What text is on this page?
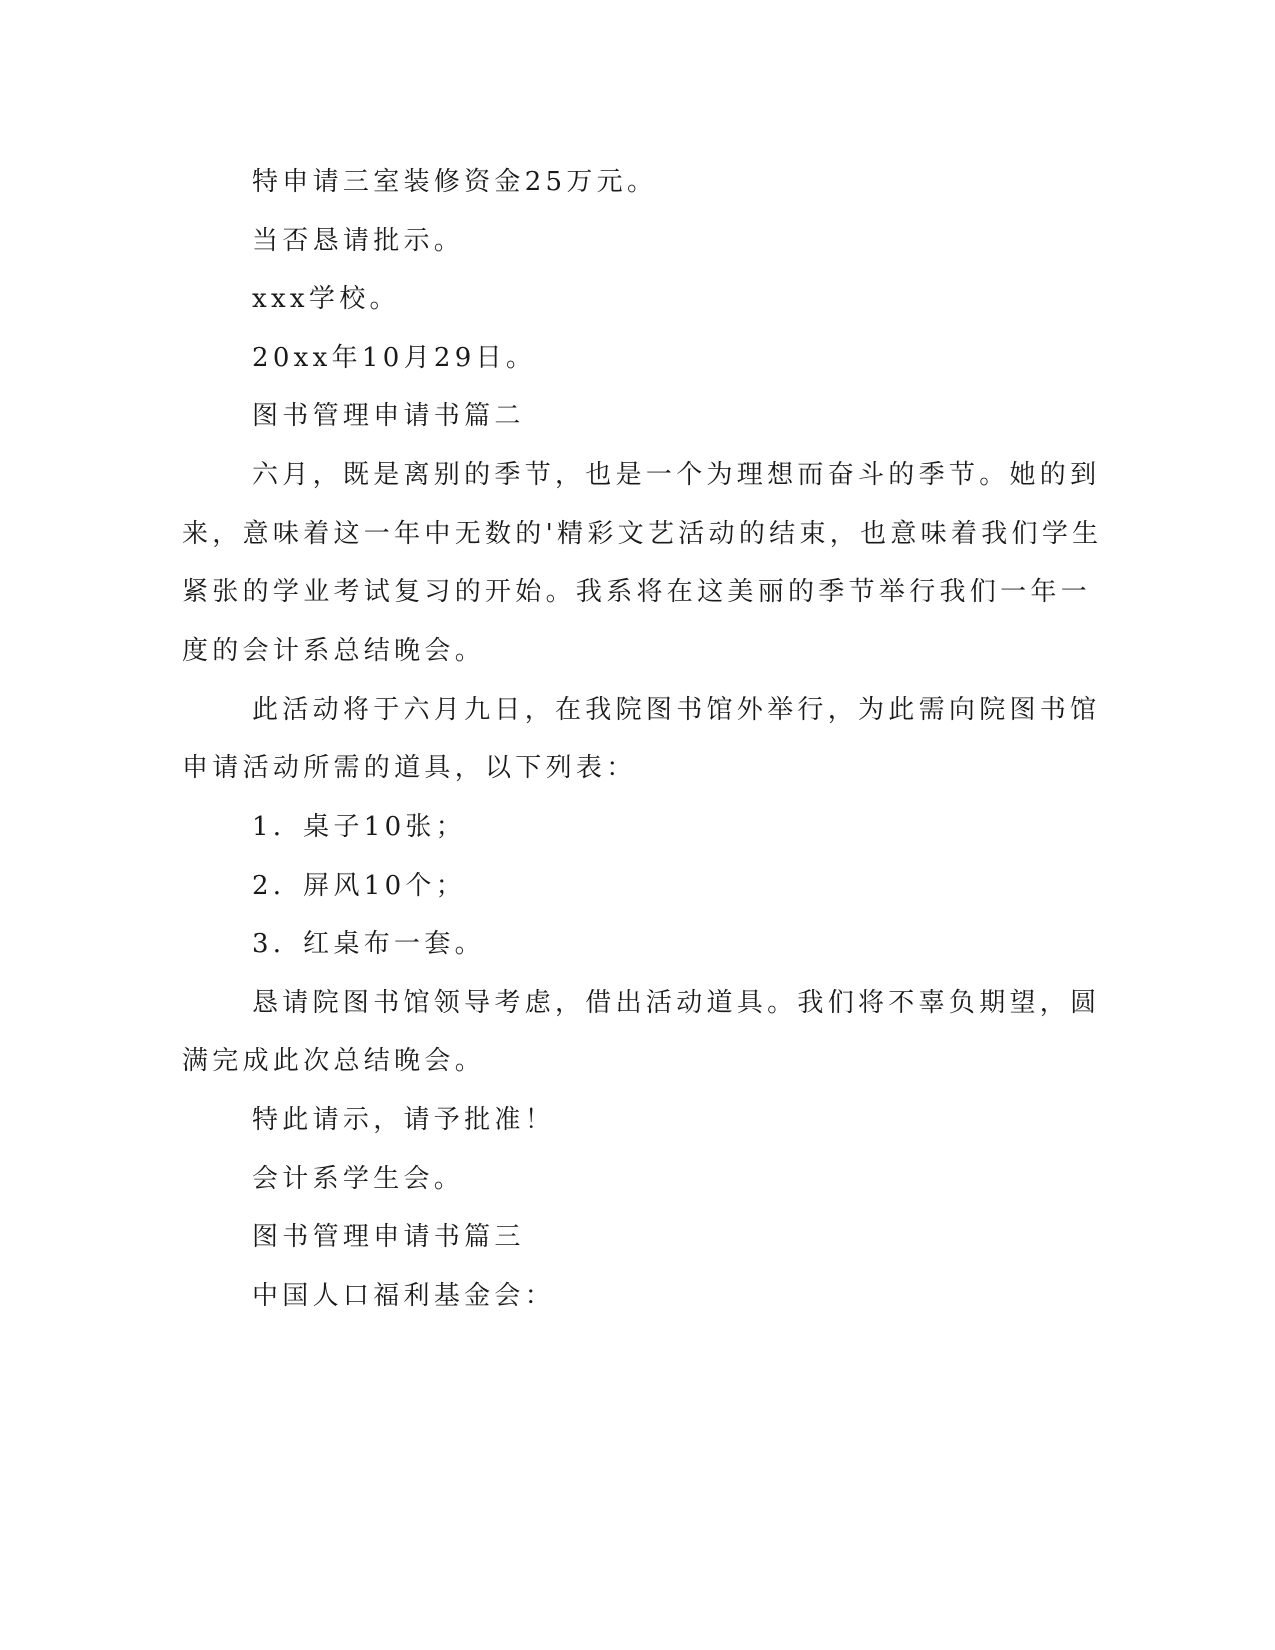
特申请三室装修资金25万元。
当否恳请批示。
xxx学校。
20xx年10月29日。
图书管理申请书篇二
六月，既是离别的季节，也是一个为理想而奋斗的季节。她的到
来，意味着这一年中无数的'精彩文艺活动的结束，也意味着我们学生
紧张的学业考试复习的开始。我系将在这美丽的季节举行我们一年一
度的会计系总结晚会。
此活动将于六月九日，在我院图书馆外举行，为此需向院图书馆
申请活动所需的道具，以下列表：
1．桌子10张；
2．屏风10个；
3．红桌布一套。
恳请院图书馆领导考虑，借出活动道具。我们将不辜负期望，圆
满完成此次总结晚会。
特此请示，请予批准！
会计系学生会。
图书管理申请书篇三
中国人口福利基金会：
